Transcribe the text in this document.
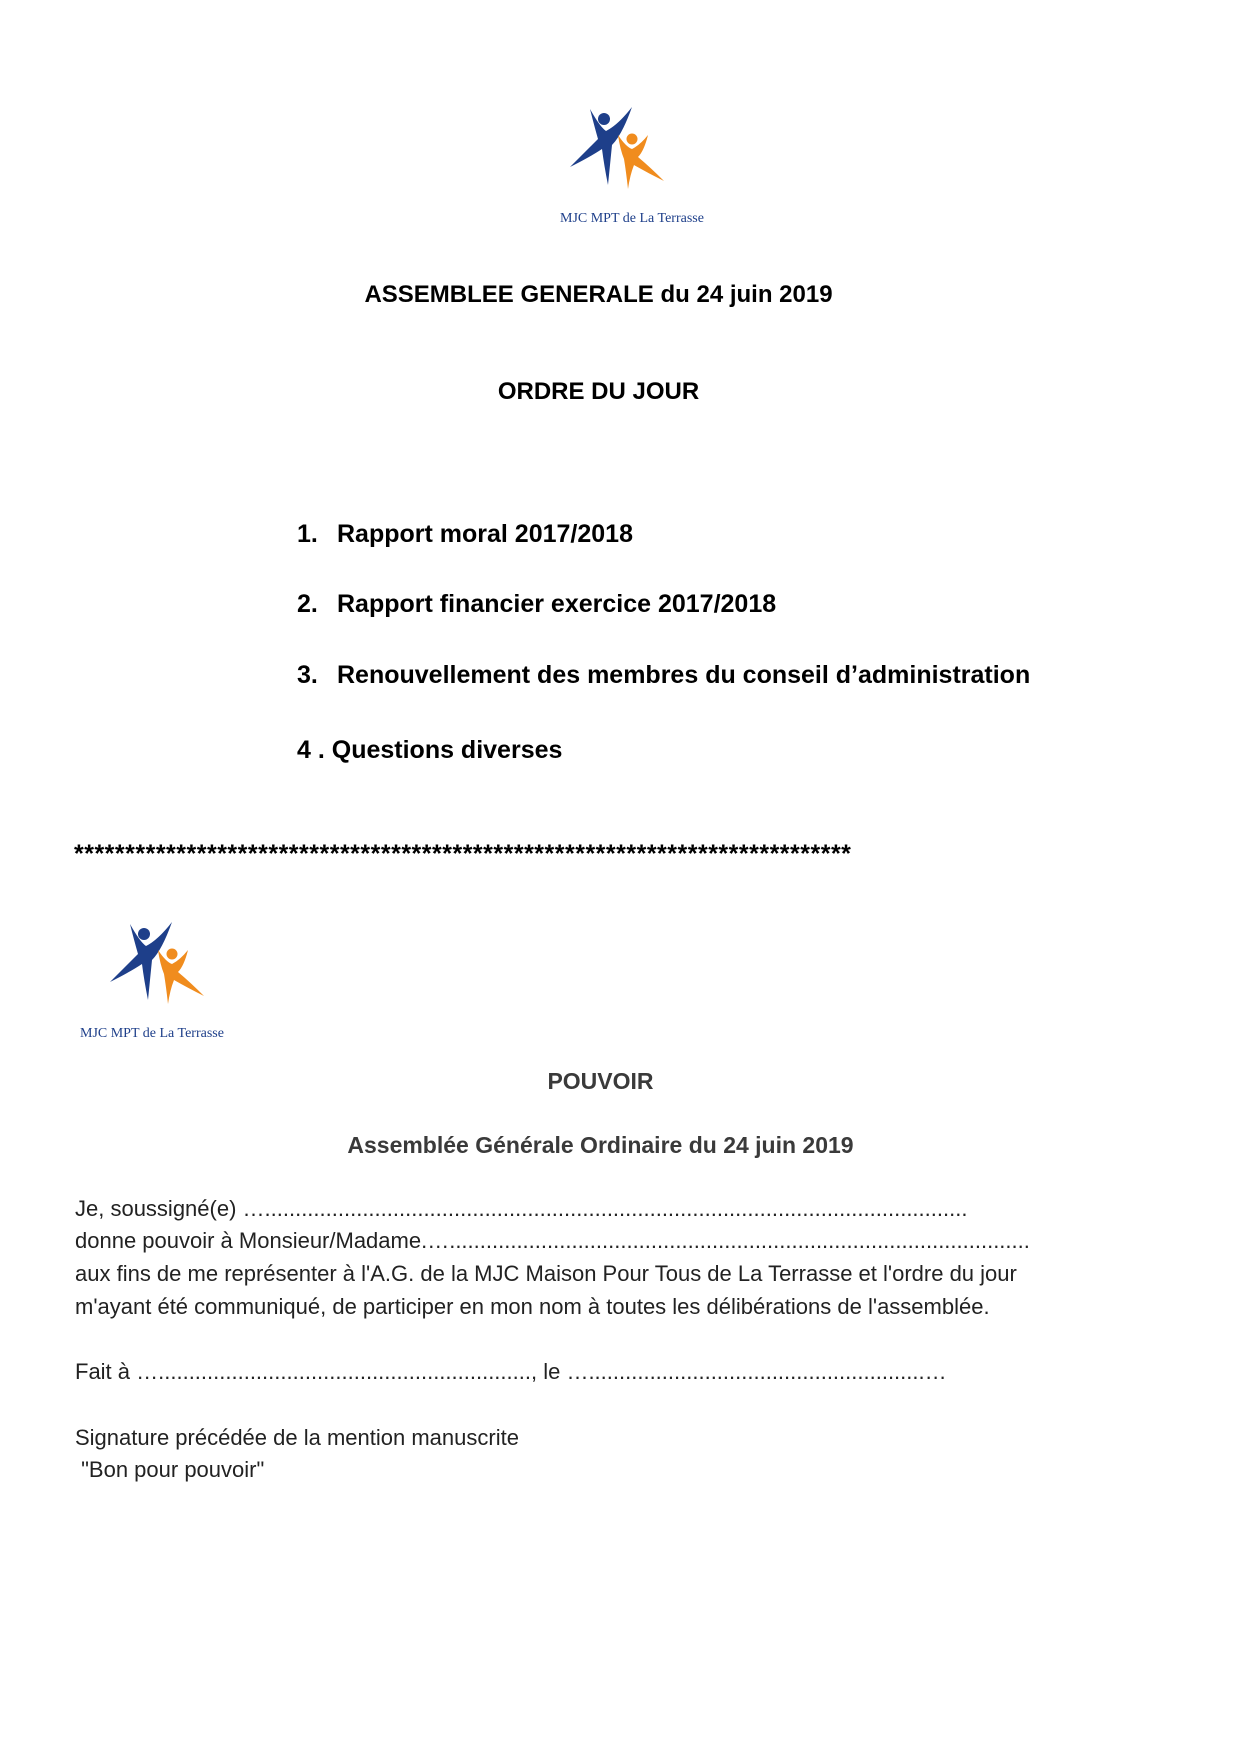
MJC MPT de La Terrasse
ASSEMBLEE GENERALE du 24 juin 2019
ORDRE DU JOUR
1. Rapport moral 2017/2018
2. Rapport financier exercice 2017/2018
3. Renouvellement des membres du conseil d’administration
4 . Questions diverses
****************************************************************************
MJC MPT de La Terrasse
POUVOIR
Assemblée Générale Ordinaire du 24 juin 2019
Je, soussigné(e) …...................................................................................................................
donne pouvoir à Monsieur/Madame.…...............................................................................................
aux fins de me représenter à l'A.G. de la MJC Maison Pour Tous de La Terrasse et l'ordre du jour
m'ayant été communiqué, de participer en mon nom à toutes les délibérations de l'assemblée.
Fait à …............................................................., le ….......................................................…
Signature précédée de la mention manuscrite
"Bon pour pouvoir"
